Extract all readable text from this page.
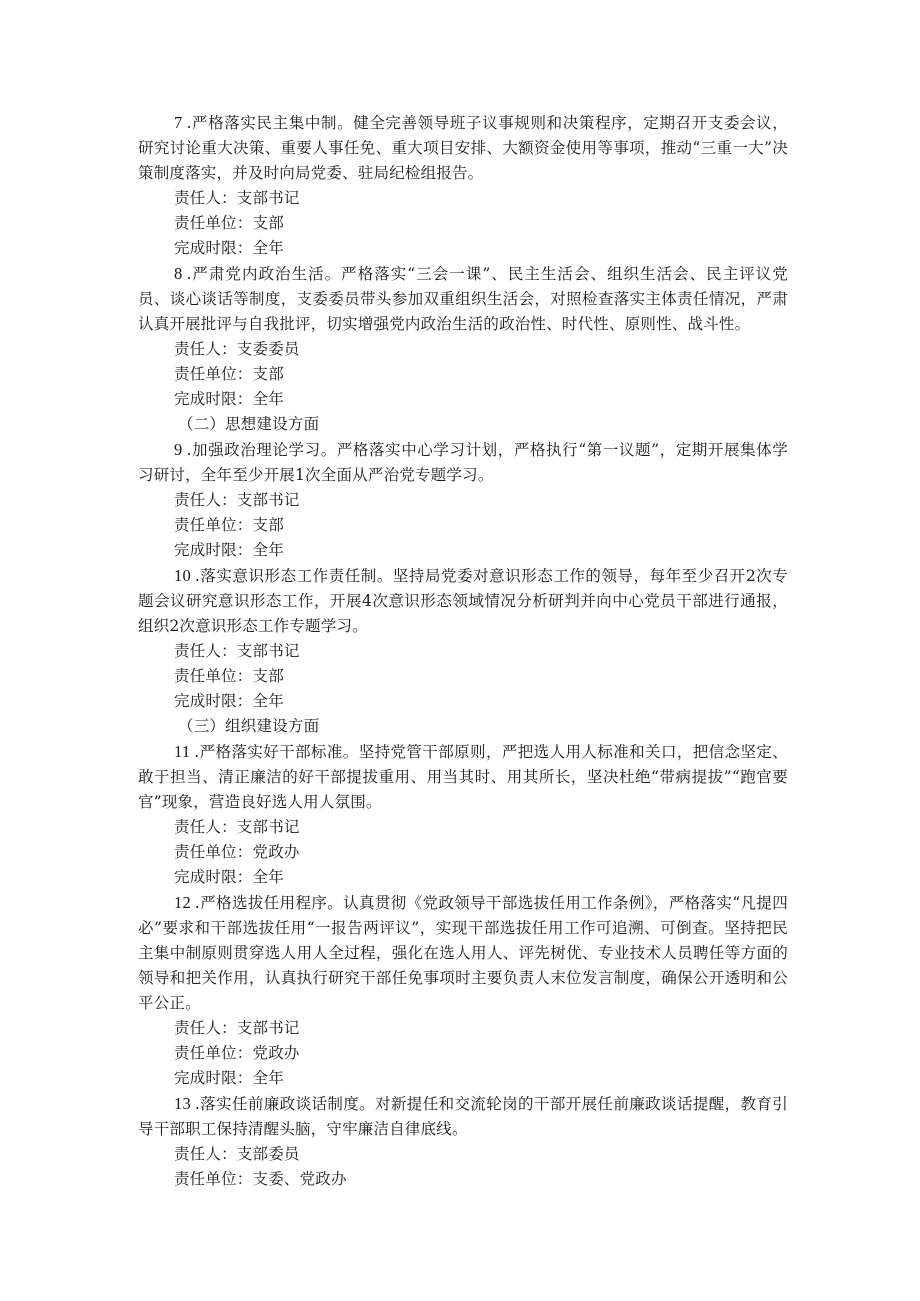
7 .严格落实民主集中制。健全完善领导班子议事规则和决策程序，定期召开支委会议，研究讨论重大决策、重要人事任免、重大项目安排、大额资金使用等事项，推动“三重一大”决策制度落实，并及时向局党委、驻局纪检组报告。

责任人：支部书记

责任单位：支部

完成时限：全年

8 .严肃党内政治生活。严格落实“三会一课”、民主生活会、组织生活会、民主评议党员、谈心谈话等制度，支委委员带头参加双重组织生活会，对照检查落实主体责任情况，严肃认真开展批评与自我批评，切实增强党内政治生活的政治性、时代性、原则性、战斗性。

责任人：支委委员

责任单位：支部

完成时限：全年

（二）思想建设方面

9 .加强政治理论学习。严格落实中心学习计划，严格执行“第一议题”，定期开展集体学习研讨，全年至少开展1次全面从严治党专题学习。

责任人：支部书记

责任单位：支部

完成时限：全年

10 .落实意识形态工作责任制。坚持局党委对意识形态工作的领导，每年至少召开2次专题会议研究意识形态工作，开展4次意识形态领域情况分析研判并向中心党员干部进行通报，组织2次意识形态工作专题学习。

责任人：支部书记

责任单位：支部

完成时限：全年

（三）组织建设方面

11 .严格落实好干部标准。坚持党管干部原则，严把选人用人标准和关口，把信念坚定、敢于担当、清正廉洁的好干部提拔重用、用当其时、用其所长，坚决杜绝“带病提拔”“跑官要官”现象，营造良好选人用人氛围。

责任人：支部书记

责任单位：党政办

完成时限：全年

12 .严格选拔任用程序。认真贯彻《党政领导干部选拔任用工作条例》，严格落实“凡提四必”要求和干部选拔任用“一报告两评议”，实现干部选拔任用工作可追溯、可倒查。坚持把民主集中制原则贯穿选人用人全过程，强化在选人用人、评先树优、专业技术人员聘任等方面的领导和把关作用，认真执行研究干部任免事项时主要负责人末位发言制度，确保公开透明和公平公正。

责任人：支部书记

责任单位：党政办

完成时限：全年

13 .落实任前廉政谈话制度。对新提任和交流轮岗的干部开展任前廉政谈话提醒，教育引导干部职工保持清醒头脑，守牢廉洁自律底线。

责任人：支部委员

责任单位：支委、党政办
